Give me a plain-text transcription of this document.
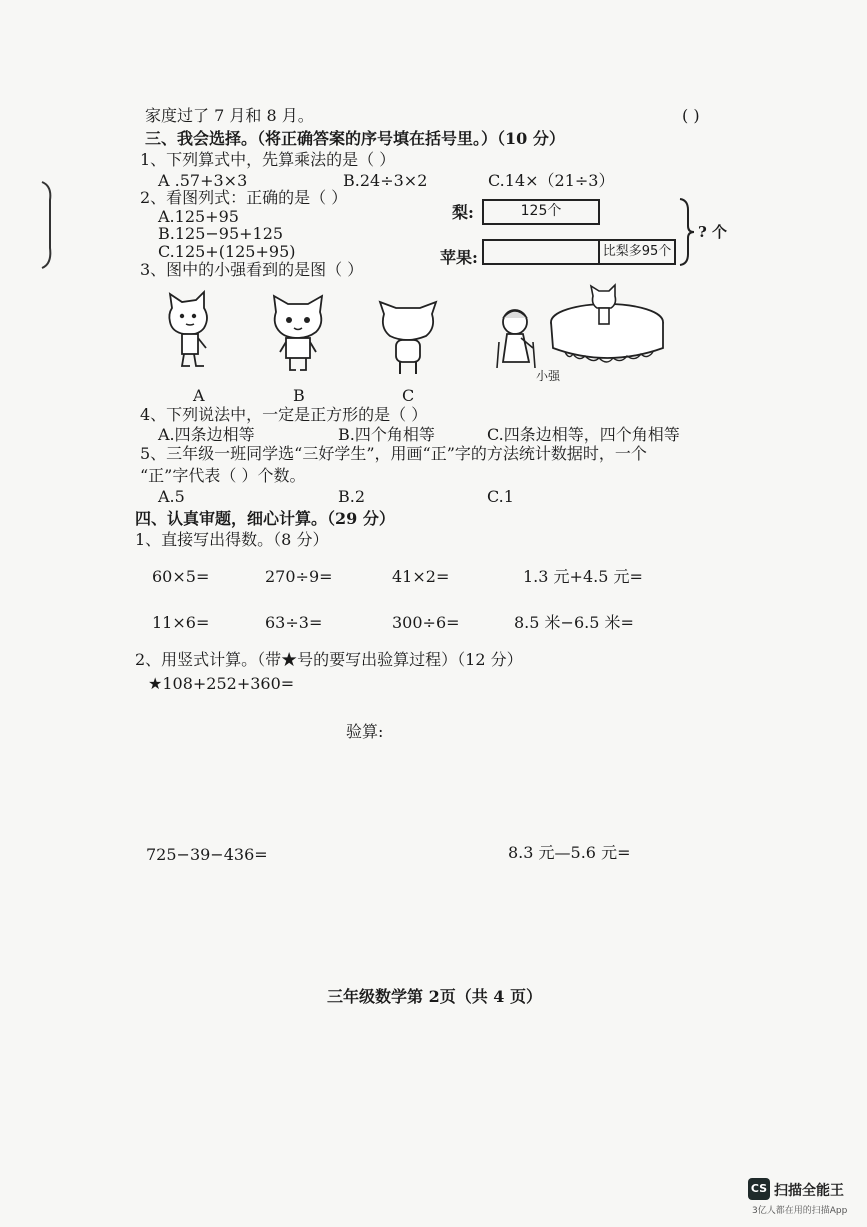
家度过了 7 月和 8 月。	( )
三、我会选择。（将正确答案的序号填在括号里。）（10 分）
1、下列算式中，先算乘法的是（ ）
A .57+3×3	B.24÷3×2	C.14×（21÷3）
2、看图列式：正确的是（ ）
A.125+95
B.125−95+125
C.125+(125+95)
梨:	125个
苹果:	比梨多95个
? 个
3、图中的小强看到的是图（ ）
小强
A	B	C
4、下列说法中，一定是正方形的是（ ）
A.四条边相等	B.四个角相等	C.四条边相等，四个角相等
5、三年级一班同学选“三好学生”，用画“正”字的方法统计数据时，一个
“正”字代表（ ）个数。
A.5	B.2	C.1
四、认真审题，细心计算。（29 分）
1、直接写出得数。（8 分）
60×5=	270÷9=	41×2=	1.3 元+4.5 元=
11×6=	63÷3=	300÷6=	8.5 米−6.5 米=
2、用竖式计算。（带★号的要写出验算过程）（12 分）
★108+252+360=
验算:
725−39−436=	8.3 元—5.6 元=
三年级数学第 2页（共 4 页）
CS 扫描全能王
3亿人都在用的扫描App
